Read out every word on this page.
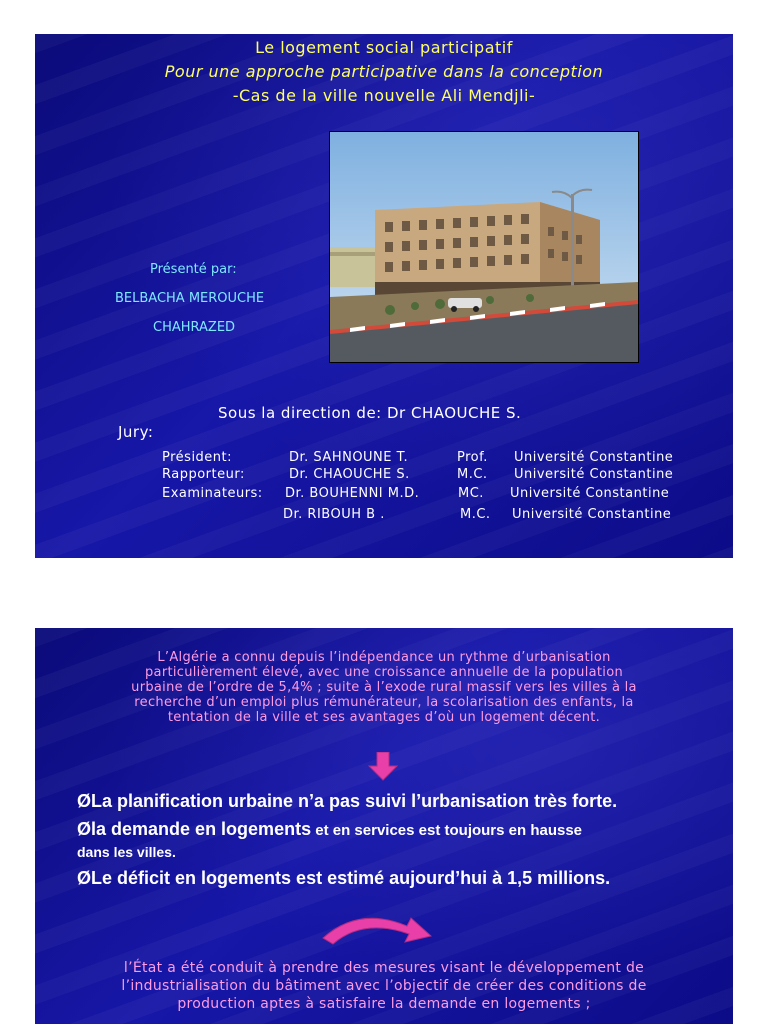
Le logement social participatif
Pour une approche participative dans la conception
-Cas de la ville nouvelle Ali Mendjli-
Présenté par:
BELBACHA MEROUCHE
CHAHRAZED
Sous la direction de: Dr CHAOUCHE S.
Jury:
Président:	Dr. SAHNOUNE T.	Prof. Université Constantine
Rapporteur:	Dr. CHAOUCHE S.	M.C. Université Constantine
Examinateurs: Dr. BOUHENNI M.D.	MC. Université Constantine
Dr. RIBOUH B .	M.C. Université Constantine
L’Algérie a connu depuis l’indépendance un rythme d’urbanisation
particulièrement élevé, avec une croissance annuelle de la population
urbaine de l’ordre de 5,4% ; suite à l’exode rural massif vers les villes à la
recherche d’un emploi plus rémunérateur, la scolarisation des enfants, la
tentation de la ville et ses avantages d’où un logement décent.
ØLa planification urbaine n’a pas suivi l’urbanisation très forte.
Øla demande en logements et en services est toujours en hausse
dans les villes.
ØLe déficit en logements est estimé aujourd’hui à 1,5 millions.
l’État a été conduit à prendre des mesures visant le développement de
l’industrialisation du bâtiment avec l’objectif de créer des conditions de
production aptes à satisfaire la demande en logements ;
